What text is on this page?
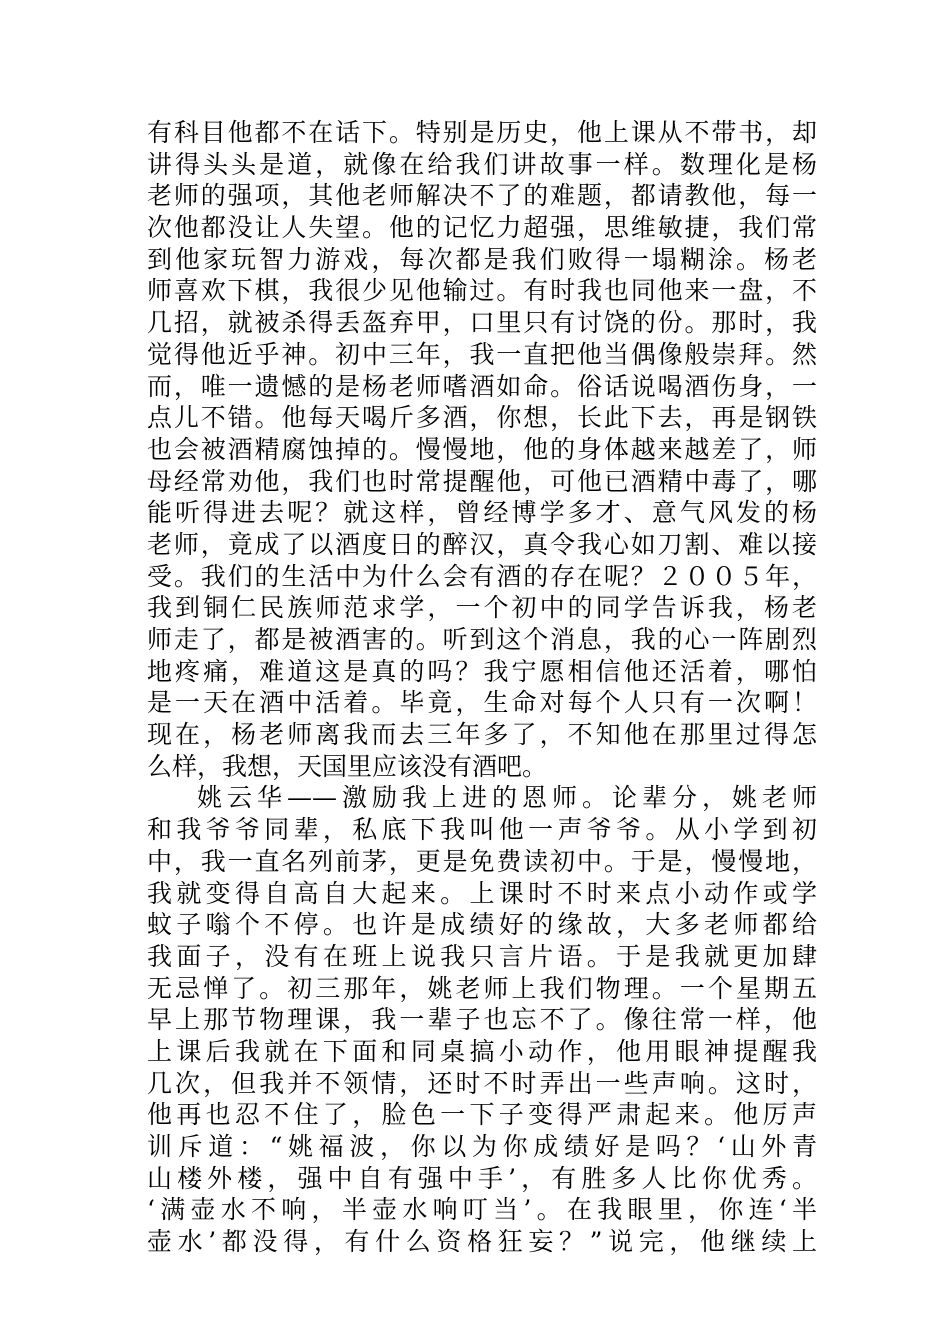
有科目他都不在话下。特别是历史，他上课从不带书，却
讲得头头是道，就像在给我们讲故事一样。数理化是杨
老师的强项，其他老师解决不了的难题，都请教他，每一
次他都没让人失望。他的记忆力超强，思维敏捷，我们常
到他家玩智力游戏，每次都是我们败得一塌糊涂。杨老
师喜欢下棋，我很少见他输过。有时我也同他来一盘，不
几招，就被杀得丢盔弃甲，口里只有讨饶的份。那时，我
觉得他近乎神。初中三年，我一直把他当偶像般崇拜。然
而，唯一遗憾的是杨老师嗜酒如命。俗话说喝酒伤身，一
点儿不错。他每天喝斤多酒，你想，长此下去，再是钢铁
也会被酒精腐蚀掉的。慢慢地，他的身体越来越差了，师
母经常劝他，我们也时常提醒他，可他已酒精中毒了，哪
能听得进去呢？就这样，曾经博学多才、意气风发的杨
老师，竟成了以酒度日的醉汉，真令我心如刀割、难以接
受。我们的生活中为什么会有酒的存在呢？２００５年，
我到铜仁民族师范求学，一个初中的同学告诉我，杨老
师走了，都是被酒害的。听到这个消息，我的心一阵剧烈
地疼痛，难道这是真的吗？我宁愿相信他还活着，哪怕
是一天在酒中活着。毕竟，生命对每个人只有一次啊！
现在，杨老师离我而去三年多了，不知他在那里过得怎
么样，我想，天国里应该没有酒吧。
姚云华——激励我上进的恩师。论辈分，姚老师
和我爷爷同辈，私底下我叫他一声爷爷。从小学到初
中，我一直名列前茅，更是免费读初中。于是，慢慢地，
我就变得自高自大起来。上课时不时来点小动作或学
蚊子嗡个不停。也许是成绩好的缘故，大多老师都给
我面子，没有在班上说我只言片语。于是我就更加肆
无忌惮了。初三那年，姚老师上我们物理。一个星期五
早上那节物理课，我一辈子也忘不了。像往常一样，他
上课后我就在下面和同桌搞小动作，他用眼神提醒我
几次，但我并不领情，还时不时弄出一些声响。这时，
他再也忍不住了，脸色一下子变得严肃起来。他厉声
训斥道：“姚福波，你以为你成绩好是吗？‘山外青
山楼外楼，强中自有强中手’，有胜多人比你优秀。
‘满壶水不响，半壶水响叮当’。在我眼里，你连‘半
壶水’都没得，有什么资格狂妄？”说完，他继续上
